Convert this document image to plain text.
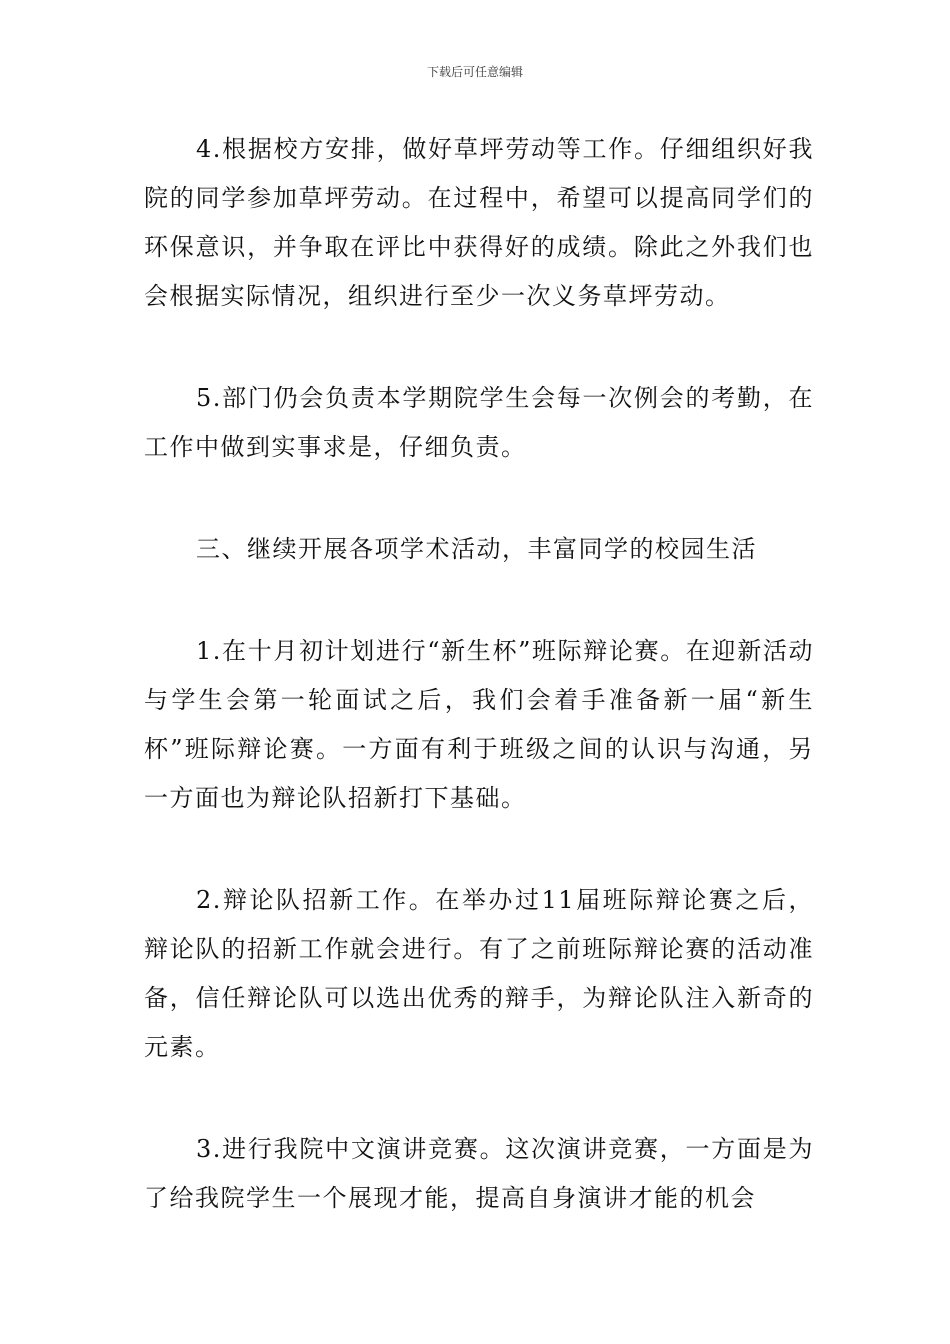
下载后可任意编辑

4.根据校方安排，做好草坪劳动等工作。仔细组织好我院的同学参加草坪劳动。在过程中，希望可以提高同学们的环保意识，并争取在评比中获得好的成绩。除此之外我们也会根据实际情况，组织进行至少一次义务草坪劳动。

5.部门仍会负责本学期院学生会每一次例会的考勤，在工作中做到实事求是，仔细负责。

三、继续开展各项学术活动，丰富同学的校园生活

1.在十月初计划进行“新生杯”班际辩论赛。在迎新活动与学生会第一轮面试之后，我们会着手准备新一届“新生杯”班际辩论赛。一方面有利于班级之间的认识与沟通，另一方面也为辩论队招新打下基础。

2.辩论队招新工作。在举办过11届班际辩论赛之后，辩论队的招新工作就会进行。有了之前班际辩论赛的活动准备，信任辩论队可以选出优秀的辩手，为辩论队注入新奇的元素。

3.进行我院中文演讲竞赛。这次演讲竞赛，一方面是为了给我院学生一个展现才能，提高自身演讲才能的机会
